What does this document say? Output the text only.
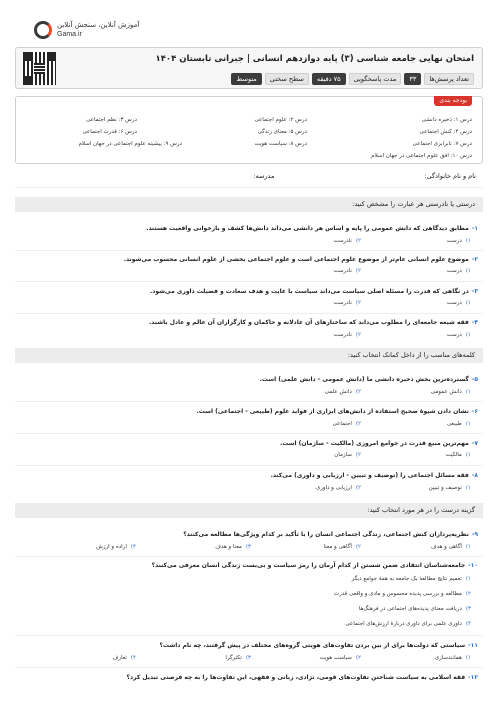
آموزش آنلاین، سنجش آنلاین
Gama.ir
امتحان نهایی جامعه شناسی (۳) پایه دوازدهم انسانی | جبرانی تابستان ۱۴۰۴
تعداد پرسش‌ها
۳۳
مدت پاسخگویی
۷۵ دقیقه
سطح سختی
متوسط
بودجه بندی
درس ۱: ذخیره دانشی
درس ۴: کنش اجتماعی
درس ۷: نابرابری اجتماعی
درس ۱۰: افق علوم اجتماعی در جهان اسلام
درس ۲: علوم اجتماعی
درس ۵: معنای زندگی
درس ۸: سیاست هویت
درس ۳: نظم اجتماعی
درس ۶: قدرت اجتماعی
درس ۹: پیشینه علوم اجتماعی در جهان اسلام
نام و نام خانوادگی:
مدرسه:
درستی یا نادرستی هر عبارت را مشخص کنید:
۱-مطابق دیدگاهی که دانش عمومی را پایه و اساس هر دانشی می‌داند دانش‌ها کشف و بازخوانی واقعیت هستند.
۱)درست
۲)نادرست
۲-موضوع علوم انسانی عام‌تر از موضوع علوم اجتماعی است و علوم اجتماعی بخشی از علوم انسانی محسوب می‌شوند.
۱)درست
۲)نادرست
۳-در نگاهی که قدرت را مسئله اصلی سیاست می‌داند سیاست با غایت و هدف سعادت و فضیلت داوری می‌شود.
۱)درست
۲)نادرست
۴-فقه شیعه جامعه‌ای را مطلوب می‌داند که ساختارهای آن عادلانه و حاکمان و کارگزاران آن عالم و عادل باشند.
۱)درست
۲)نادرست
کلمه‌های مناسب را از داخل کمانک انتخاب کنید:
۵-گسترده‌ترین بخش ذخیره دانشی ما (دانش عمومی - دانش علمی) است.
۱)دانش عمومی
۲)دانش علمی
۶-نشان دادن شیوۀ صحیح استفاده از دانش‌های ابزاری از فواید علوم (طبیعی - اجتماعی) است.
۱)طبیعی
۲)اجتماعی
۷-مهم‌ترین منبع قدرت در جوامع امروزی (مالکیت - سازمان) است.
۱)مالکیت
۲)سازمان
۸-فقه مسائل اجتماعی را (توصیف و تبیین - ارزیابی و داوری) می‌کند.
۱)توصیف و تبیین
۲)ارزیابی و داوری
گزینه درست را در هر مورد انتخاب کنید:
۹-نظریه‌پردازان کنش اجتماعی، زندگی اجتماعی انسان را با تأکید بر کدام ویژگی‌ها مطالعه می‌کنند؟
۱)آگاهی و هدف
۲)آگاهی و معنا
۳)معنا و هدف
۴)اراده و ارزش
۱۰-جامعه‌شناسان انتقادی ضمن شستن از کدام آرمان را رمز سیاست و بی‌بست زندگی انسان معرفی می‌کنند؟
۱)تعمیم نتایج مطالعۀ یک جامعه به همۀ جوامع دیگر
۲)مطالعه و بررسی پدیده محسوس و مادی و واقعی قدرت
۳)دریافت معنای پدیده‌های اجتماعی در فرهنگ‌ها
۴)داوری علمی برای داوری دربارۀ ارزش‌های اجتماعی
۱۱-سیاستی که دولت‌ها برای از بین بردن تفاوت‌های هویتی گروه‌های مختلف در پیش گرفتند، چه نام داشت؟
۱)همانندسازی
۲)سیاست هویت
۳)تکثرگرا
۴)تعارف
۱۲-فقه اسلامی به سیاست شناختن تفاوت‌های قومی، نژادی، زبانی و فقهی، این تفاوت‌ها را به چه فرصتی تبدیل کرد؟
